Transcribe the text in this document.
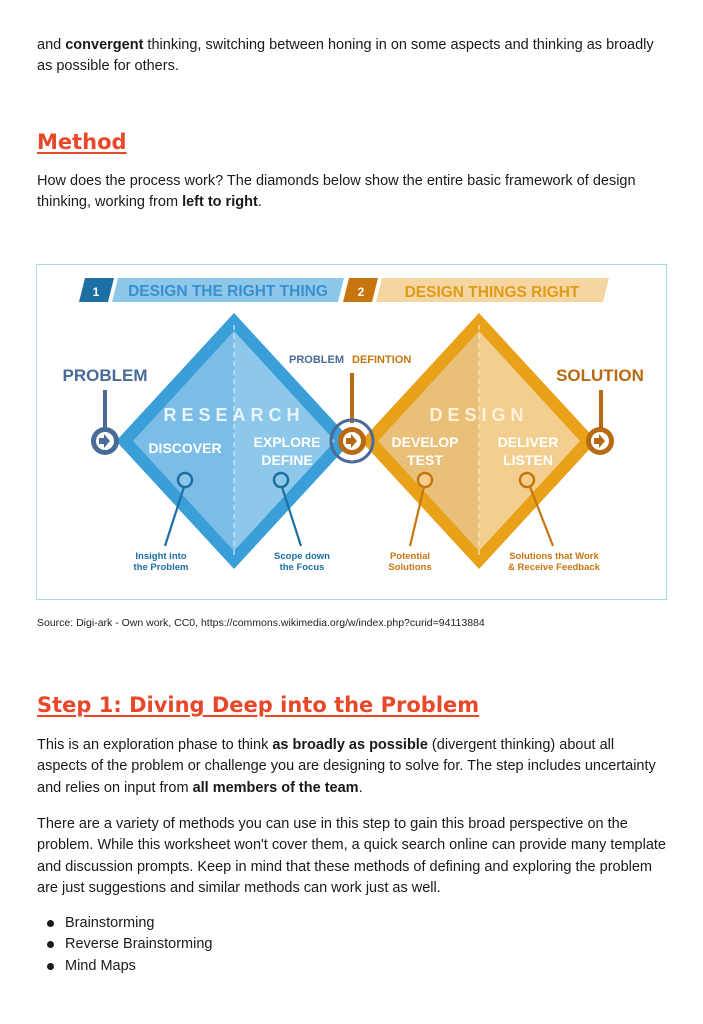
and convergent thinking, switching between honing in on some aspects and thinking as broadly as possible for others.

Method

How does the process work? The diamonds below show the entire basic framework of design thinking, working from left to right.

1 DESIGN THE RIGHT THING 2	DESIGN THINGS RIGHT
PROBLEM	SOLUTION
PROBLEM DEFINTION
RESEARCH	DESIGN
DISCOVER EXPLORE
DEFINE
DEVELOP
TEST
DELIVER
LISTEN
Insight into
the Problem
Scope down
the Focus
Potential
Solutions
Solutions that Work
& Receive Feedback

Source: Digi-ark - Own work, CC0, https://commons.wikimedia.org/w/index.php?curid=94113884

Step 1: Diving Deep into the Problem

This is an exploration phase to think as broadly as possible (divergent thinking) about all aspects of the problem or challenge you are designing to solve for. The step includes uncertainty and relies on input from all members of the team.

There are a variety of methods you can use in this step to gain this broad perspective on the problem. While this worksheet won't cover them, a quick search online can provide many template and discussion prompts. Keep in mind that these methods of defining and exploring the problem are just suggestions and similar methods can work just as well.

Brainstorming
Reverse Brainstorming
Mind Maps
